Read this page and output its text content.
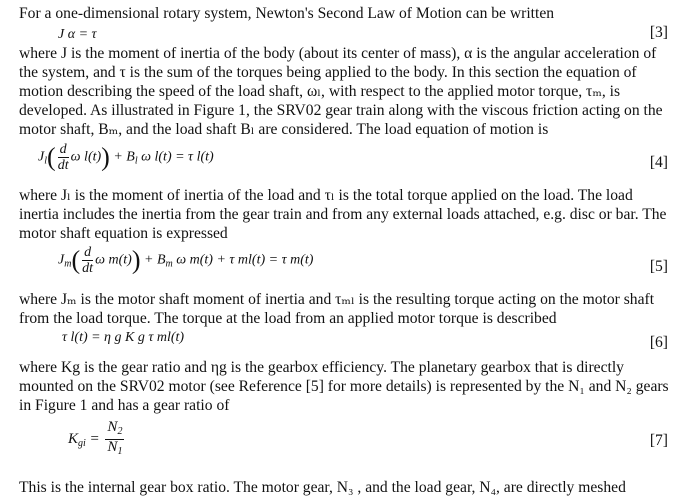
For a one-dimensional rotary system, Newton's Second Law of Motion can be written
J α = τ	[3]
where J is the moment of inertia of the body (about its center of mass), α is the angular acceleration of
the system, and τ is the sum of the torques being applied to the body. In this section the equation of
motion describing the speed of the load shaft, ωₗ, with respect to the applied motor torque, τₘ, is
developed. As illustrated in Figure 1, the SRV02 gear train along with the viscous friction acting on the
motor shaft, Bₘ, and the load shaft Bₗ are considered. The load equation of motion is
$J_l( \frac{d}{dt}$ ω $l(t)) + B_l$ ω l(t) = τ l(t)	[4]
where Jₗ is the moment of inertia of the load and τₗ is the total torque applied on the load. The load
inertia includes the inertia from the gear train and from any external loads attached, e.g. disc or bar. The
motor shaft equation is expressed
$J_m( \frac{d}{dt}$ ω $m(t)) + B_m$ ω m(t) + τ ml(t) = τ m(t)	[5]
where Jₘ is the motor shaft moment of inertia and τₘₗ is the resulting torque acting on the motor shaft
from the load torque. The torque at the load from an applied motor torque is described
τ l(t) = η g K g τ ml(t)	[6]
where Kg is the gear ratio and ηg is the gearbox efficiency. The planetary gearbox that is directly
mounted on the SRV02 motor (see Reference [5] for more details) is represented by the N₁ and N₂ gears
in Figure 1 and has a gear ratio of
$K_{gi} = \frac{N_2}{N_1}$	[7]
This is the internal gear box ratio. The motor gear, N₃ , and the load gear, N₄, are directly meshed
